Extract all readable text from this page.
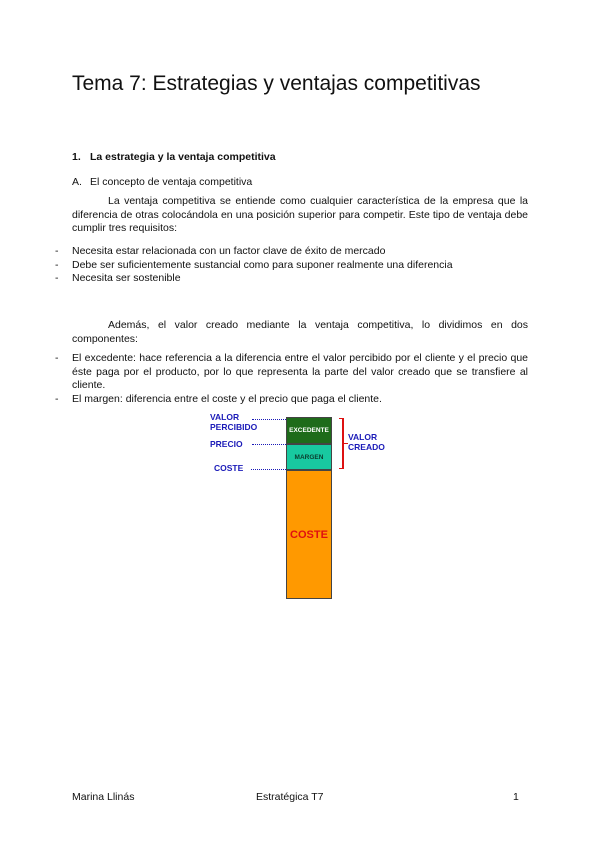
Tema 7: Estrategias y ventajas competitivas
1. La estrategia y la ventaja competitiva
A. El concepto de ventaja competitiva

La ventaja competitiva se entiende como cualquier característica de la empresa que la diferencia de otras colocándola en una posición superior para competir. Este tipo de ventaja debe cumplir tres requisitos:

- Necesita estar relacionada con un factor clave de éxito de mercado
- Debe ser suficientemente sustancial como para suponer realmente una diferencia
- Necesita ser sostenible

Además, el valor creado mediante la ventaja competitiva, lo dividimos en dos componentes:

- El excedente: hace referencia a la diferencia entre el valor percibido por el cliente y el precio que éste paga por el producto, por lo que representa la parte del valor creado que se transfiere al cliente.
- El margen: diferencia entre el coste y el precio que paga el cliente.
VALOR
PERCIBIDO
PRECIO
COSTE
EXCEDENTE
MARGEN
COSTE
VALOR
CREADO
Marina Llinás	Estratégica T7	1
